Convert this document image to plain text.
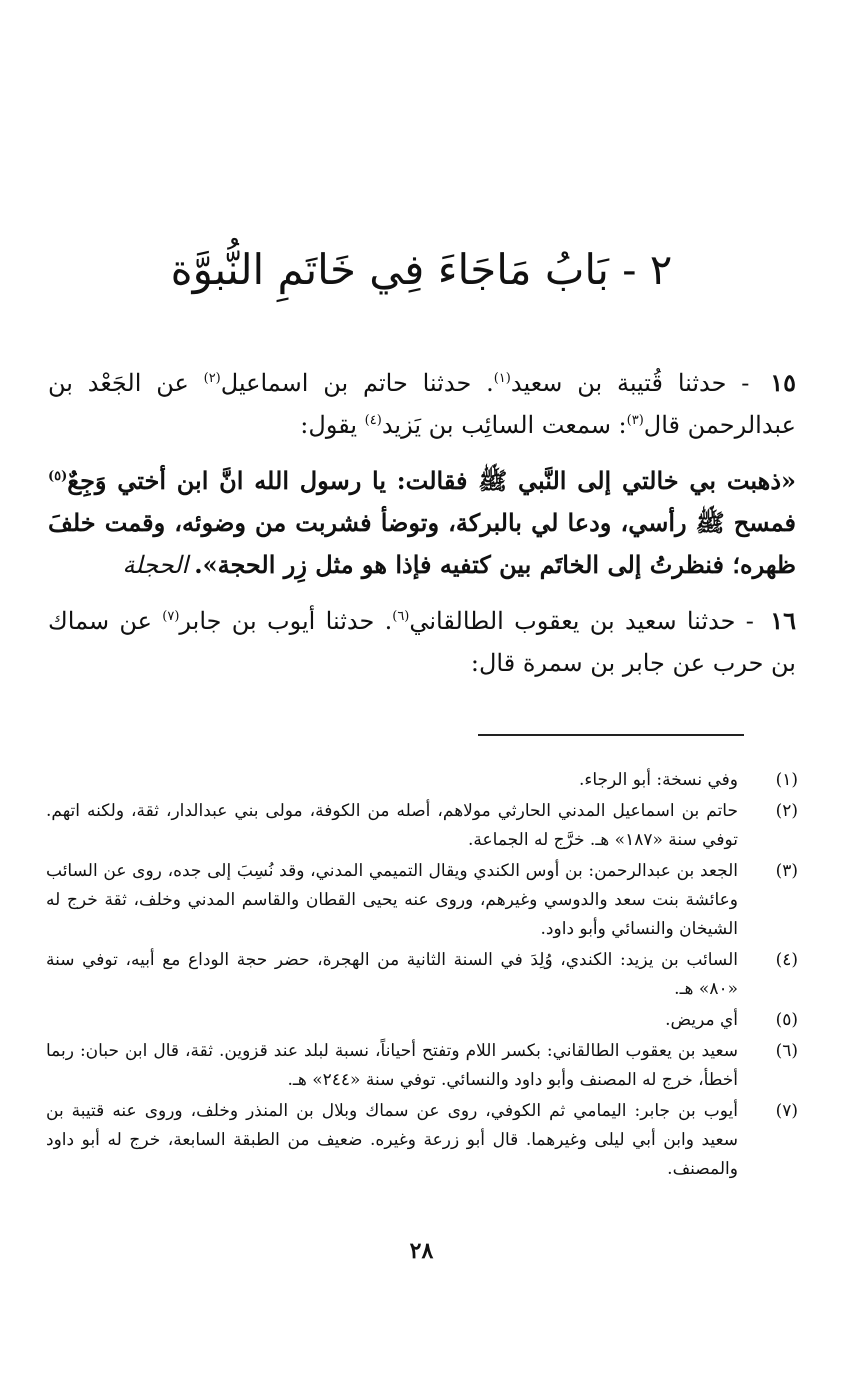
٢ - بَابُ مَاجَاءَ فِي خَاتَمِ النُّبوَّة

١٥ - حدثنا قُتيبة بن سعيد$^{(١)}$. حدثنا حاتم بن اسماعيل$^{(٢)}$ عن الجَعْد بن عبدالرحمن قال$^{(٣)}$: سمعت السائِب بن يَزيد$^{(٤)}$ يقول:

«ذهبت بي خالتي إلى النَّبي ﷺ فقالت: يا رسول الله انَّ ابن أختي وَجِعٌ$^{(٥)}$ فمسح ﷺ رأسي، ودعا لي بالبركة، وتوضأ فشربت من وضوئه، وقمت خلفَ ظهره؛ فنظرتُ إلى الخاتَم بين كتفيه فإذا هو مثل زِر الحجة».الحجلة

١٦ - حدثنا سعيد بن يعقوب الطالقاني$^{(٦)}$. حدثنا أيوب بن جابر$^{(٧)}$ عن سماك بن حرب عن جابر بن سمرة قال:

(١)
وفي نسخة: أبو الرجاء.
(٢)
حاتم بن اسماعيل المدني الحارثي مولاهم، أصله من الكوفة، مولى بني عبدالدار، ثقة، ولكنه اتهم. توفي سنة «١٨٧» هـ. خرَّج له الجماعة.
(٣)
الجعد بن عبدالرحمن: بن أوس الكندي ويقال التميمي المدني، وقد نُسِبَ إلى جده، روى عن السائب وعائشة بنت سعد والدوسي وغيرهم، وروى عنه يحيى القطان والقاسم المدني وخلف، ثقة خرج له الشيخان والنسائي وأبو داود.
(٤)
السائب بن يزيد: الكندي، وُلِدَ في السنة الثانية من الهجرة، حضر حجة الوداع مع أبيه، توفي سنة «٨٠» هـ.
(٥)
أي مريض.
(٦)
سعيد بن يعقوب الطالقاني: بكسر اللام وتفتح أحياناً، نسبة لبلد عند قزوين. ثقة، قال ابن حبان: ربما أخطأ، خرج له المصنف وأبو داود والنسائي. توفي سنة «٢٤٤» هـ.
(٧)
أيوب بن جابر: اليمامي ثم الكوفي، روى عن سماك وبلال بن المنذر وخلف، وروى عنه قتيبة بن سعيد وابن أبي ليلى وغيرهما. قال أبو زرعة وغيره. ضعيف من الطبقة السابعة، خرج له أبو داود والمصنف.
٢٨
